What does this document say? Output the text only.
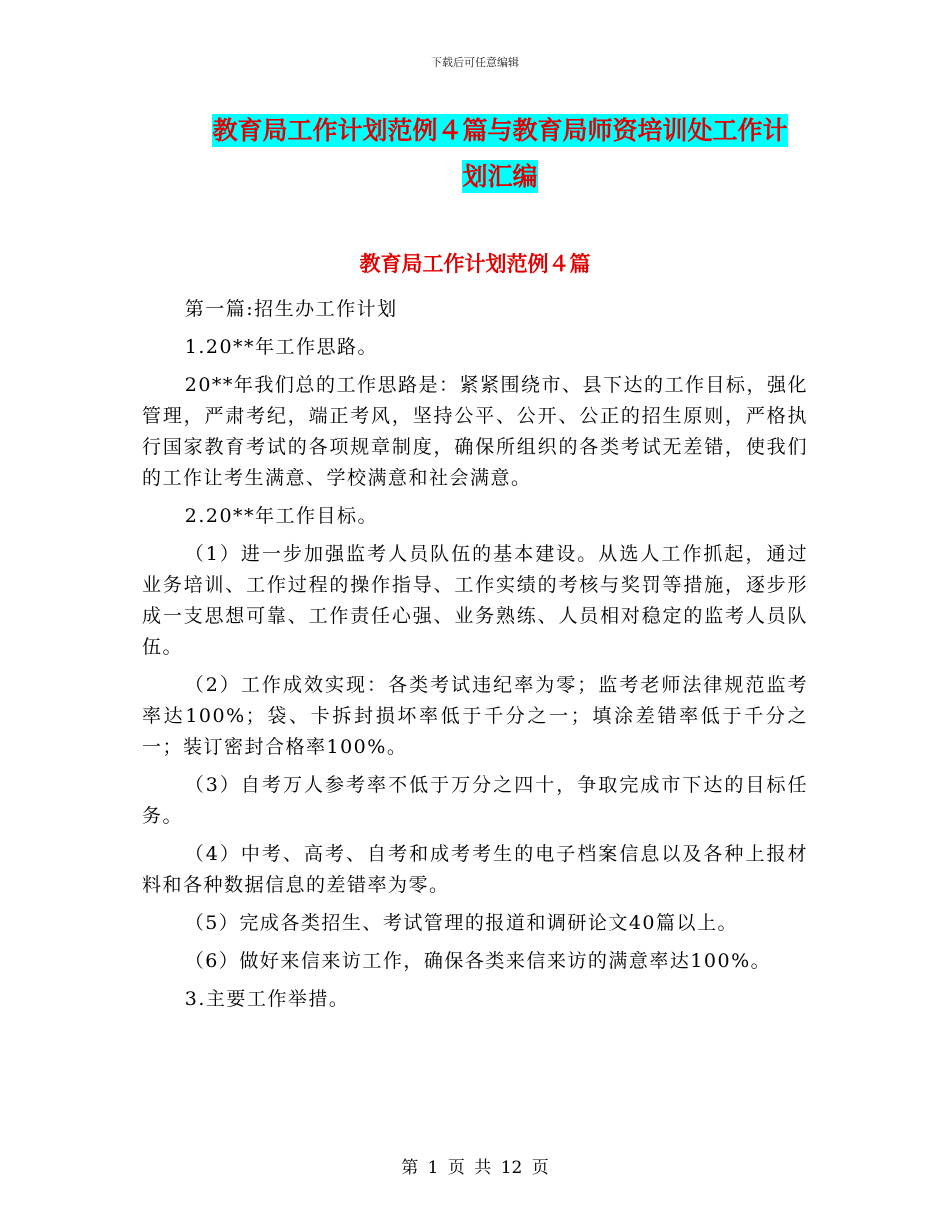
下载后可任意编辑
教育局工作计划范例４篇与教育局师资培训处工作计
划汇编
教育局工作计划范例４篇

第一篇:招生办工作计划

1.20**年工作思路。

20**年我们总的工作思路是：紧紧围绕市、县下达的工作目标，强化管理，严肃考纪，端正考风，坚持公平、公开、公正的招生原则，严格执行国家教育考试的各项规章制度，确保所组织的各类考试无差错，使我们的工作让考生满意、学校满意和社会满意。

2.20**年工作目标。

（1）进一步加强监考人员队伍的基本建设。从选人工作抓起，通过业务培训、工作过程的操作指导、工作实绩的考核与奖罚等措施，逐步形成一支思想可靠、工作责任心强、业务熟练、人员相对稳定的监考人员队伍。

（2）工作成效实现：各类考试违纪率为零；监考老师法律规范监考率达100%；袋、卡拆封损坏率低于千分之一；填涂差错率低于千分之一；装订密封合格率100%。

（3）自考万人参考率不低于万分之四十，争取完成市下达的目标任务。

（4）中考、高考、自考和成考考生的电子档案信息以及各种上报材料和各种数据信息的差错率为零。

（5）完成各类招生、考试管理的报道和调研论文40篇以上。

（6）做好来信来访工作，确保各类来信来访的满意率达100%。

3.主要工作举措。

第 1 页 共 12 页
